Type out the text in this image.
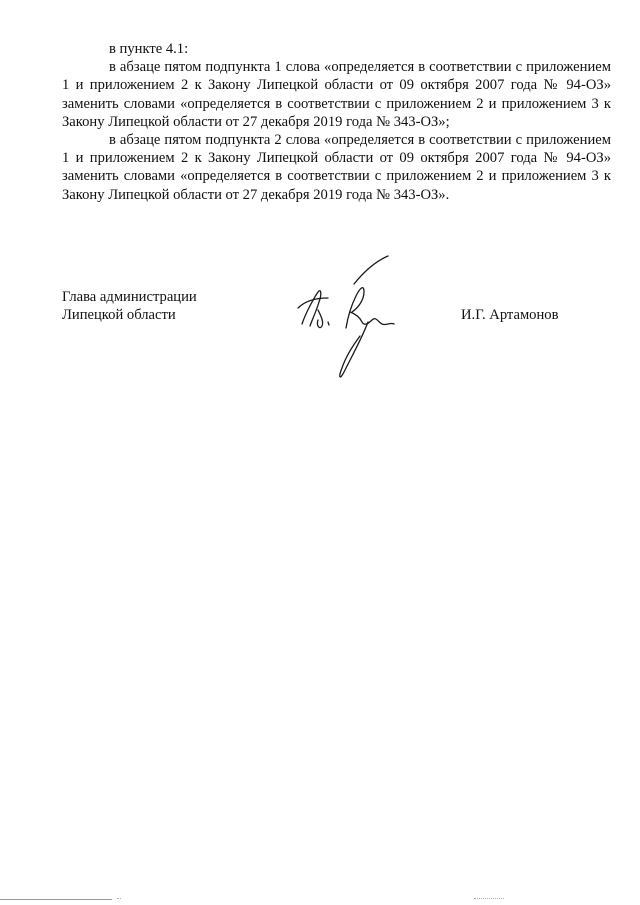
в пункте 4.1:

в абзаце пятом подпункта 1 слова «определяется в соответствии с приложением 1 и приложением 2 к Закону Липецкой области от 09 октября 2007 года № 94-ОЗ» заменить словами «определяется в соответствии с приложением 2 и приложением 3 к Закону Липецкой области от 27 декабря 2019 года № 343-ОЗ»;

в абзаце пятом подпункта 2 слова «определяется в соответствии с приложением 1 и приложением 2 к Закону Липецкой области от 09 октября 2007 года № 94-ОЗ» заменить словами «определяется в соответствии с приложением 2 и приложением 3 к Закону Липецкой области от 27 декабря 2019 года № 343-ОЗ».

Глава администрации

Липецкой области	И.Г. Артамонов
